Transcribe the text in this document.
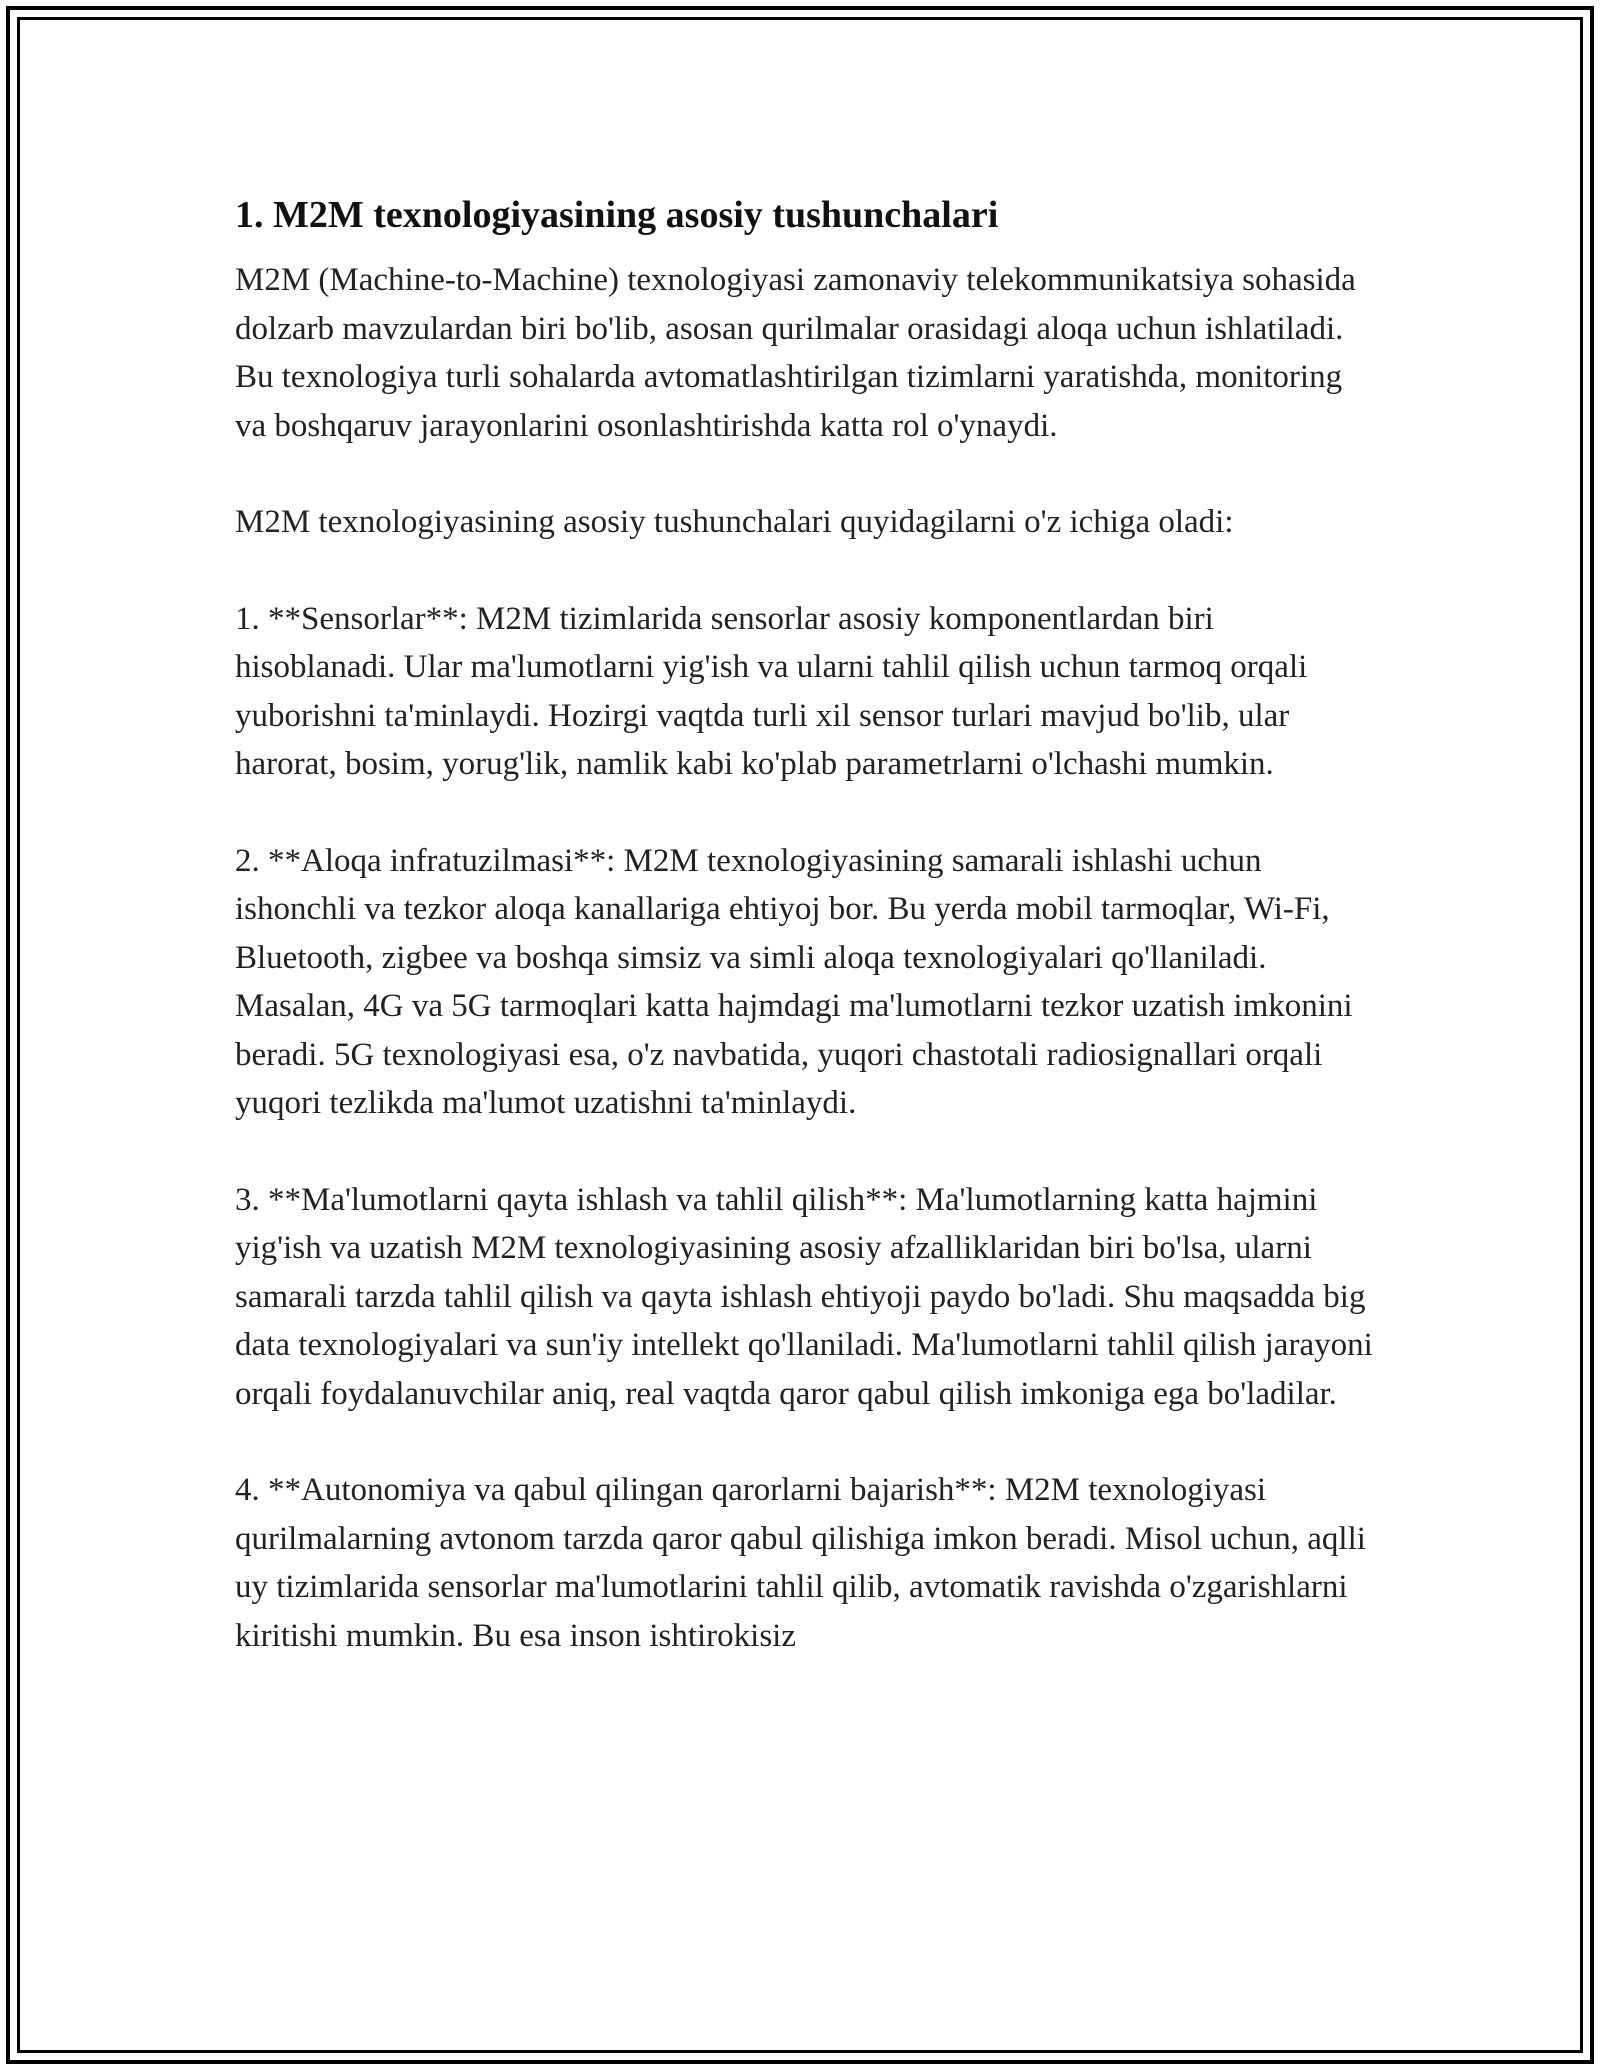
1. M2M texnologiyasining asosiy tushunchalari

M2M (Machine-to-Machine) texnologiyasi zamonaviy telekommunikatsiya sohasida dolzarb mavzulardan biri bo'lib, asosan qurilmalar orasidagi aloqa uchun ishlatiladi. Bu texnologiya turli sohalarda avtomatlashtirilgan tizimlarni yaratishda, monitoring va boshqaruv jarayonlarini osonlashtirishda katta rol o'ynaydi.

M2M texnologiyasining asosiy tushunchalari quyidagilarni o'z ichiga oladi:

1. **Sensorlar**: M2M tizimlarida sensorlar asosiy komponentlardan biri hisoblanadi. Ular ma'lumotlarni yig'ish va ularni tahlil qilish uchun tarmoq orqali yuborishni ta'minlaydi. Hozirgi vaqtda turli xil sensor turlari mavjud bo'lib, ular harorat, bosim, yorug'lik, namlik kabi ko'plab parametrlarni o'lchashi mumkin.

2. **Aloqa infratuzilmasi**: M2M texnologiyasining samarali ishlashi uchun ishonchli va tezkor aloqa kanallariga ehtiyoj bor. Bu yerda mobil tarmoqlar, Wi-Fi, Bluetooth, zigbee va boshqa simsiz va simli aloqa texnologiyalari qo'llaniladi. Masalan, 4G va 5G tarmoqlari katta hajmdagi ma'lumotlarni tezkor uzatish imkonini beradi. 5G texnologiyasi esa, o'z navbatida, yuqori chastotali radiosignallari orqali yuqori tezlikda ma'lumot uzatishni ta'minlaydi.

3. **Ma'lumotlarni qayta ishlash va tahlil qilish**: Ma'lumotlarning katta hajmini yig'ish va uzatish M2M texnologiyasining asosiy afzalliklaridan biri bo'lsa, ularni samarali tarzda tahlil qilish va qayta ishlash ehtiyoji paydo bo'ladi. Shu maqsadda big data texnologiyalari va sun'iy intellekt qo'llaniladi. Ma'lumotlarni tahlil qilish jarayoni orqali foydalanuvchilar aniq, real vaqtda qaror qabul qilish imkoniga ega bo'ladilar.

4. **Autonomiya va qabul qilingan qarorlarni bajarish**: M2M texnologiyasi qurilmalarning avtonom tarzda qaror qabul qilishiga imkon beradi. Misol uchun, aqlli uy tizimlarida sensorlar ma'lumotlarini tahlil qilib, avtomatik ravishda o'zgarishlarni kiritishi mumkin. Bu esa inson ishtirokisiz
